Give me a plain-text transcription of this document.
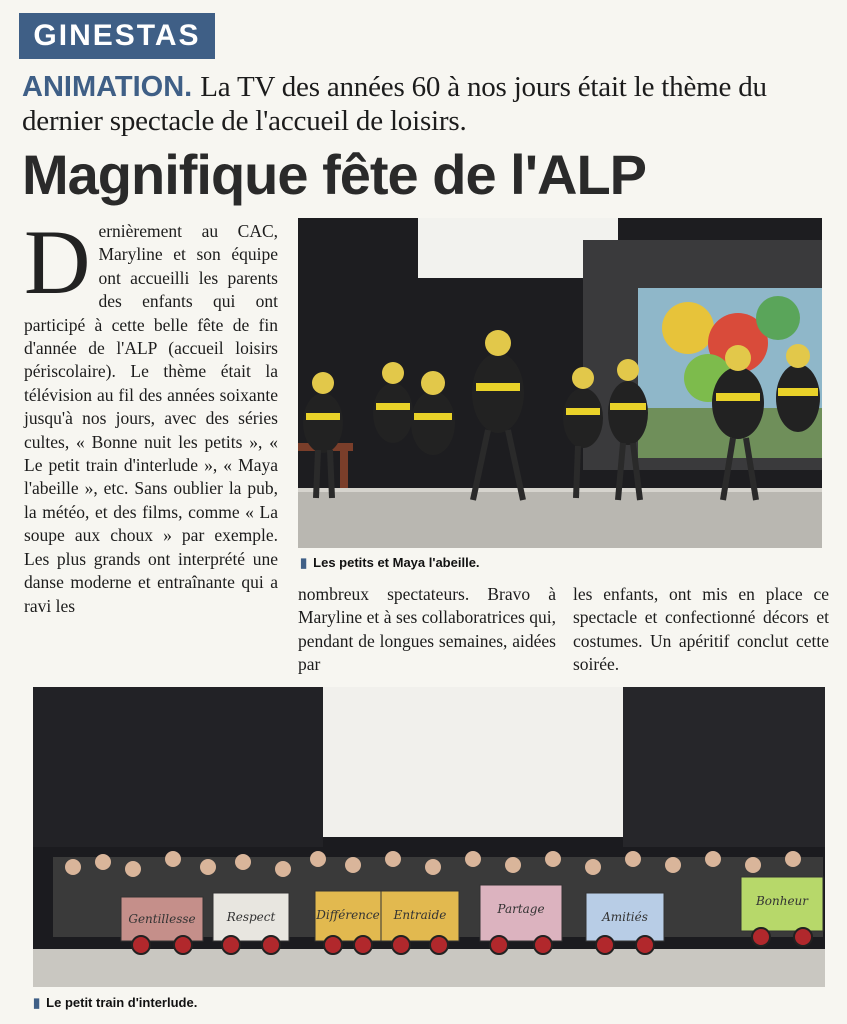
GINESTAS
ANIMATION. La TV des années 60 à nos jours était le thème du dernier spectacle de l'accueil de loisirs.
Magnifique fête de l'ALP
Dernièrement au CAC, Maryline et son équipe ont accueilli les parents des enfants qui ont participé à cette belle fête de fin d'année de l'ALP (accueil loisirs périscolaire). Le thème était la télévision au fil des années soixante jusqu'à nos jours, avec des séries cultes, « Bonne nuit les petits », « Le petit train d'interlude », « Maya l'abeille », etc. Sans oublier la pub, la météo, et des films, comme « La soupe aux choux » par exemple. Les plus grands ont interprété une danse moderne et entraînante qui a ravi les
▮ Les petits et Maya l'abeille.
nombreux spectateurs. Bravo à Maryline et à ses collaboratrices qui, pendant de longues semaines, aidées par
les enfants, ont mis en place ce spectacle et confectionné décors et costumes. Un apéritif conclut cette soirée.
Gentillesse	Respect	Différence Entraide	Partage
Amitiés
Bonheur
▮ Le petit train d'interlude.
